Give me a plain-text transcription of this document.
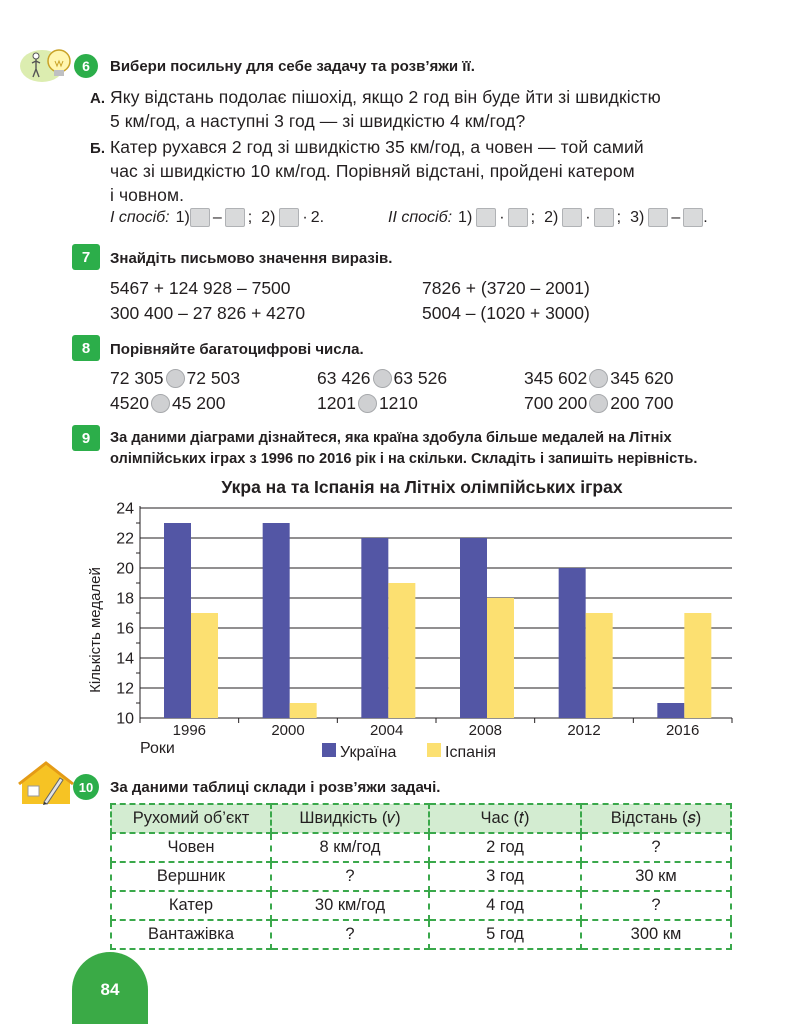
6	Вибери посильну для себе задачу та розв’яжи її.
А. Яку відстань подолає пішохід, якщо 2 год він буде йти зі швидкістю
5 км/год, а наступні 3 год — зі швидкістю 4 км/год?
Б. Катер рухався 2 год зі швидкістю 35 км/год, а човен — той самий
час зі швидкістю 10 км/год. Порівняй відстані, пройдені катером
і човном.
І спосіб: 1) – ; 2) · 2.	ІІ спосіб: 1) · ; 2) · ; 3) – .
7	Знайдіть письмово значення виразів.
5467 + 124 928 – 7500
300 400 – 27 826 + 4270
7826 + (3720 – 2001)
5004 – (1020 + 3000)
8	Порівняйте багатоцифрові числа.
72 305 72 503	63 426 63 526	345 602 345 620
4520 45 200	1201 1210	700 200 200 700
9	За даними діаграми дізнайтеся, яка країна здобула більше медалей на Літніх
олімпійських іграх з 1996 по 2016 рік і на скільки. Складіть і запишіть нерівність.
Укра на та Іспанія на Літніх олімпійських іграх
10
12
14
16
18
20
22
24
1996	2000	2004	2008	2012	2016
Кількість медалей
Роки	Україна	Іспанія
10	За даними таблиці склади і розв’яжи задачі.
Рухомий об’єкт	Швидкість (𝑣)	Час (𝑡)	Відстань (𝑠)
Човен	8 км/год	2 год	?
Вершник	?	3 год	30 км
Катер	30 км/год	4 год	?
Вантажівка	?	5 год	300 км
84
